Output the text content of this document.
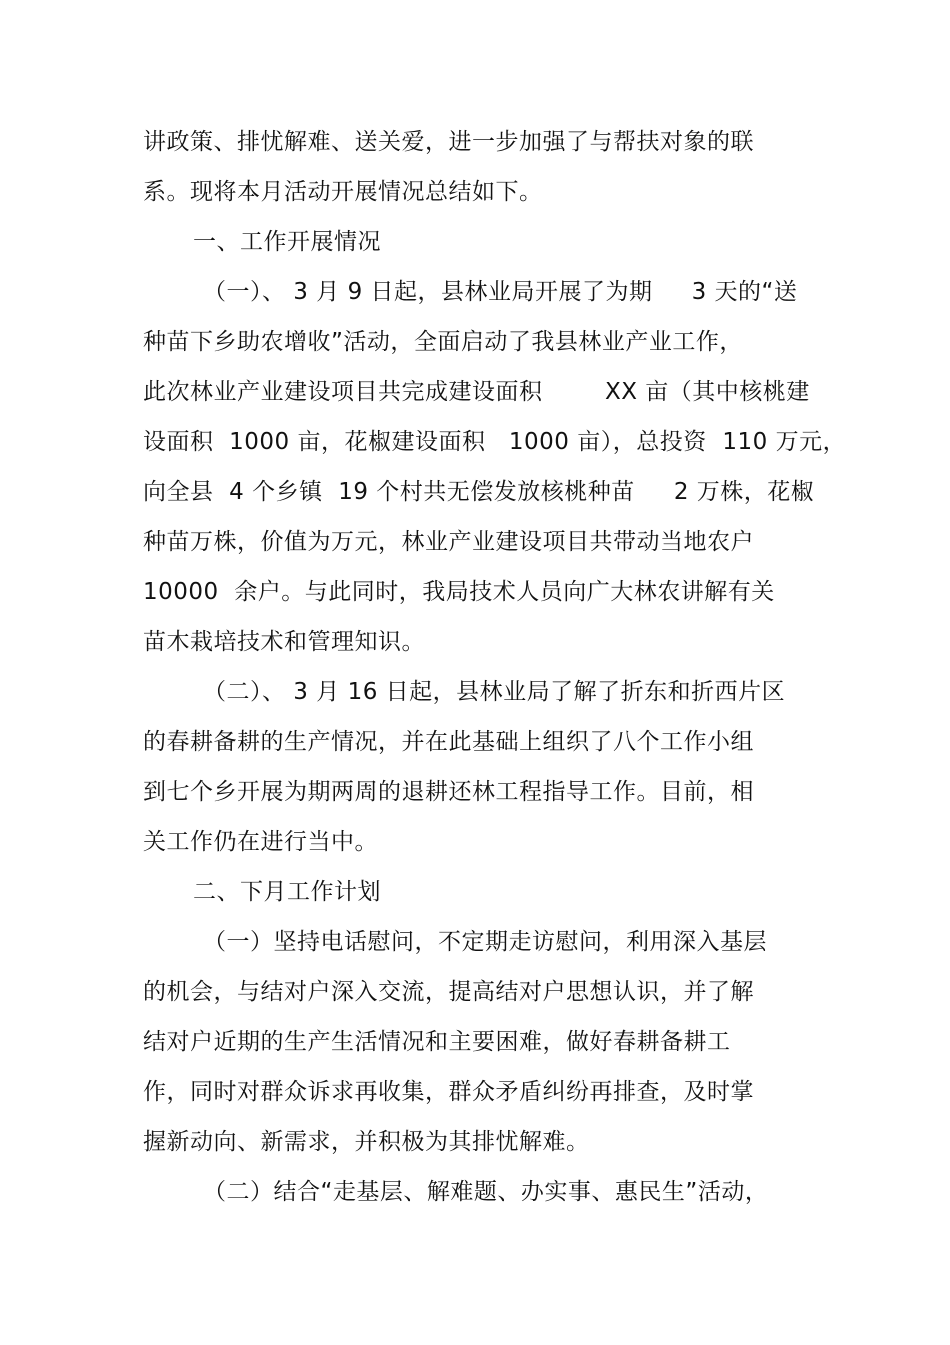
讲政策、排忧解难、送关爱，进一步加强了与帮扶对象的联
系。现将本月活动开展情况总结如下。
一、工作开展情况
（一）、 3 月 9 日起，县林业局开展了为期     3 天的“送
种苗下乡助农增收”活动，全面启动了我县林业产业工作，
此次林业产业建设项目共完成建设面积        XX 亩（其中核桃建
设面积  1000 亩，花椒建设面积   1000 亩），总投资  110 万元，
向全县  4 个乡镇  19 个村共无偿发放核桃种苗     2 万株，花椒
种苗万株，价值为万元，林业产业建设项目共带动当地农户
10000  余户。与此同时，我局技术人员向广大林农讲解有关
苗木栽培技术和管理知识。
（二）、 3 月 16 日起，县林业局了解了折东和折西片区
的春耕备耕的生产情况，并在此基础上组织了八个工作小组
到七个乡开展为期两周的退耕还林工程指导工作。目前，相
关工作仍在进行当中。
二、下月工作计划
（一）坚持电话慰问，不定期走访慰问，利用深入基层
的机会，与结对户深入交流，提高结对户思想认识，并了解
结对户近期的生产生活情况和主要困难，做好春耕备耕工
作，同时对群众诉求再收集，群众矛盾纠纷再排查，及时掌
握新动向、新需求，并积极为其排忧解难。
（二）结合“走基层、解难题、办实事、惠民生”活动，
